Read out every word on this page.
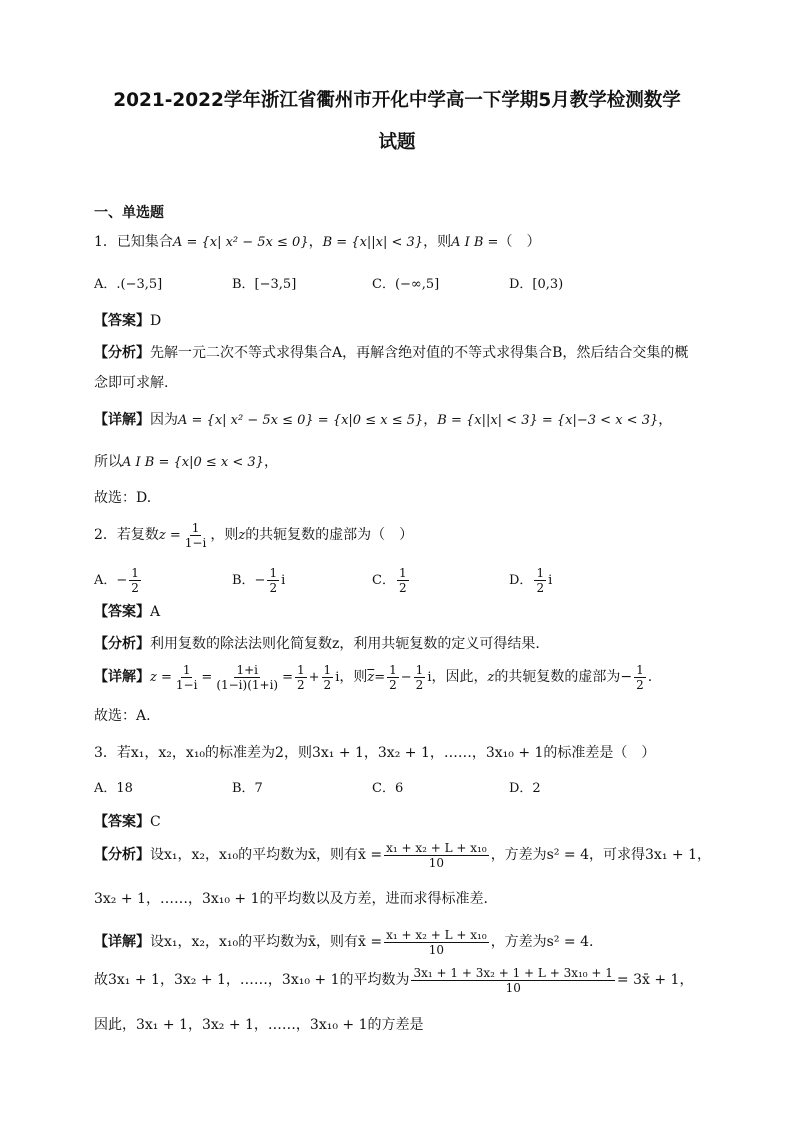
2021-2022学年浙江省衢州市开化中学高一下学期5月教学检测数学
试题
一、单选题
1．已知集合A = {x| x² − 5x ≤ 0}，B = {x||x| < 3}，则A I B =（　）
A．.(−3,5]	B．[−3,5]	C．(−∞,5]	D．[0,3)
【答案】D
【分析】先解一元二次不等式求得集合A，再解含绝对值的不等式求得集合B，然后结合交集的概
念即可求解.
【详解】因为A = {x| x² − 5x ≤ 0} = {x|0 ≤ x ≤ 5}，B = {x||x| < 3} = {x|−3 < x < 3}，
所以A I B = {x|0 ≤ x < 3}，
故选：D.
2．若复数$z = \frac{1}{1-i}$ ，则z的共轭复数的虚部为（　）
A．− $\frac{1}{2}$	B．− $\frac{1}{2}$ i	C． $\frac{1}{2}$	D． $\frac{1}{2}$ i
【答案】A
【分析】利用复数的除法法则化简复数z，利用共轭复数的定义可得结果.
【详解】$z = \frac{1}{1-i} = \frac{1+i}{(1-i)(1+i)} = \frac{1}{2} + \frac{1}{2}$ i，则$\overline{z}= \frac{1}{2} - \frac{1}{2}$ i，因此，z的共轭复数的虚部为− $\frac{1}{2}$ .
故选：A.
3．若x₁，x₂，x₁₀的标准差为2，则3x₁ + 1，3x₂ + 1，……，3x₁₀ + 1的标准差是（　）
A．18	B．7	C．6	D．2
【答案】C
【分析】设x₁，x₂，x₁₀的平均数为x̄，则有x̄ = $\frac{\text{x₁ + x₂ + L + x₁₀}}{10}$ ，方差为s² = 4，可求得3x₁ + 1，
3x₂ + 1，……，3x₁₀ + 1的平均数以及方差，进而求得标准差.
【详解】设x₁，x₂，x₁₀的平均数为x̄，则有x̄ = $\frac{\text{x₁ + x₂ + L + x₁₀}}{10}$ ，方差为s² = 4.
故3x₁ + 1，3x₂ + 1，……，3x₁₀ + 1的平均数为 $\frac{\text{3x₁ + 1 + 3x₂ + 1 + L + 3x₁₀ + 1}}{10}$ = 3x̄ + 1，
因此，3x₁ + 1，3x₂ + 1，……，3x₁₀ + 1的方差是
